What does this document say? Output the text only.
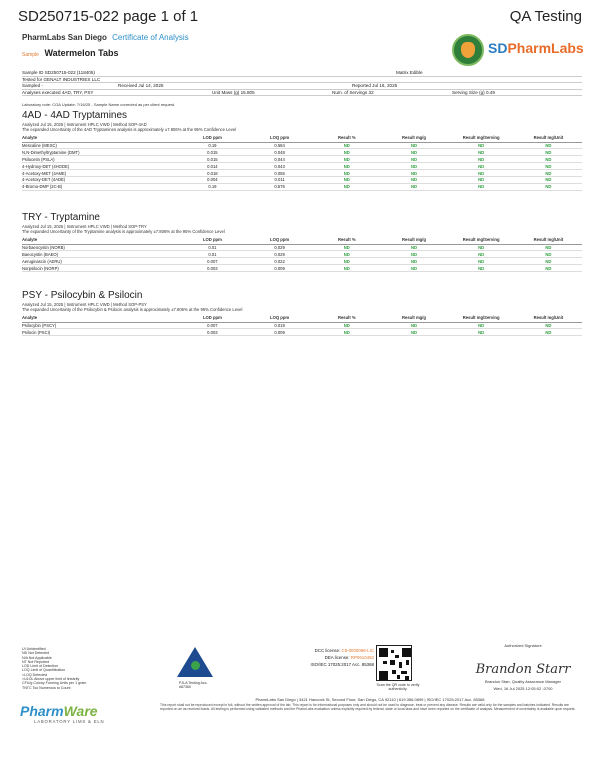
SD250715-022 page 1 of 1	QA Testing
PharmLabs San Diego Certificate of Analysis
Sample Watermelon Tabs	SDPharmLabs
Sample ID SD250715-022 (118405)	Matrix Edible
Tested for GENALT INDUSTRIES LLC
Sampled -	Received Jul 14, 2025	Reported Jul 16, 2025
Analyses executed 4AD, TRY, PSY	Unit Mass (g) 15.805	Num. of Servings 32	Serving Size (g) 0.49
Laboratory note: COA Update: 7/16/25 - Sample Name corrected as per client request.
4AD - 4AD Tryptamines
Analyzed Jul 15, 2025 | Instrument HPLC VWD | Method SOP-4AD
The expanded Uncertainty of the 4AD Tryptamines analysis is approximately ±7.806% at the 95% Confidence Level
Analyte	LOD ppm	LOQ ppm	Result %	Result mg/g	Result mg/Serving	Result mg/Unit
Mescaline (MESC)	0.19	0.584	ND	ND	ND	ND
N,N-Dimethyltryptamine (DMT)	0.015	0.048	ND	ND	ND	ND
Psilocetin (PSLA)	0.015	0.044	ND	ND	ND	ND
4-Hydroxy-DET (4HODE)	0.014	0.043	ND	ND	ND	ND
4-Acetoxy-MET (4AME)	0.018	0.055	ND	ND	ND	ND
4-Acetoxy-DET (4ADE)	0.004	0.011	ND	ND	ND	ND
4-Bromo-DMP (2C-B)	0.19	0.576	ND	ND	ND	ND
TRY - Tryptamine
Analyzed Jul 15, 2025 | Instrument HPLC VWD | Method SOP-TRY
The expanded Uncertainty of the Tryptamine analysis is approximately ±7.806% at the 95% Confidence Level
Analyte	LOD ppm	LOQ ppm	Result %	Result mg/g	Result mg/Serving	Result mg/Unit
Norbaeocystin (NORB)	0.01	0.029	ND	ND	ND	ND
Baeocystin (BAEO)	0.01	0.029	ND	ND	ND	ND
Aeruginascin (AERU)	0.007	0.022	ND	ND	ND	ND
Norpsilocin (NORP)	0.003	0.009	ND	ND	ND	ND
PSY - Psilocybin & Psilocin
Analyzed Jul 15, 2025 | Instrument HPLC VWD | Method SOP-PSY
The expanded Uncertainty of the Psilocybin & Psilocin analysis is approximately ±7.806% at the 95% Confidence Level
Analyte	LOD ppm	LOQ ppm	Result %	Result mg/g	Result mg/Serving	Result mg/Unit
Psilocybin (PSCY)	0.007	0.019	ND	ND	ND	ND
Psilocin (PSCI)	0.003	0.009	ND	ND	ND	ND
UI Unidentified
ND Not Detected
N/A Not Applicable
NT Not Reported
LOD Limit of Detection
LOQ Limit of Quantification
<LOQ Detected
>ULOL Above upper limit of linearity
CFU/g Colony Forming Units per 1 gram
TNTC Too Numerous to Count
PharmWare
LABORATORY LIMS & ELN
PJLA Testing Acc. #87360
DCC license: C8-0000096-LIC
DEA license: RP0610452
ISO/IEC 17025:2017 Acc. 85368
Scan the QR code to verify authenticity.
Authorized Signature
Brandon Starr
Brandon Starr, Quality Assurance Manager
Wed, 16 Jul 2025 12:05:02 -0700
PharmLabs San Diego | 3421 Hancock St, Second Floor, San Diego, CA 92110 | 619.356.0899 | ISO/IEC 17025:2017 Acc. 85368
This report shall not be reproduced except in full, without the written approval of the lab. This report is for informational purposes only and should not be used to diagnose, treat or prevent any disease. Results are valid only for the samples and batches indicated. Results are reported on an as received basis. All testing is performed using validated methods and the PharmLabs evaluation unless explicitly required by federal, state or local laws and have been reported on the certificate of analysis. Measurement of uncertainty is available upon request.
